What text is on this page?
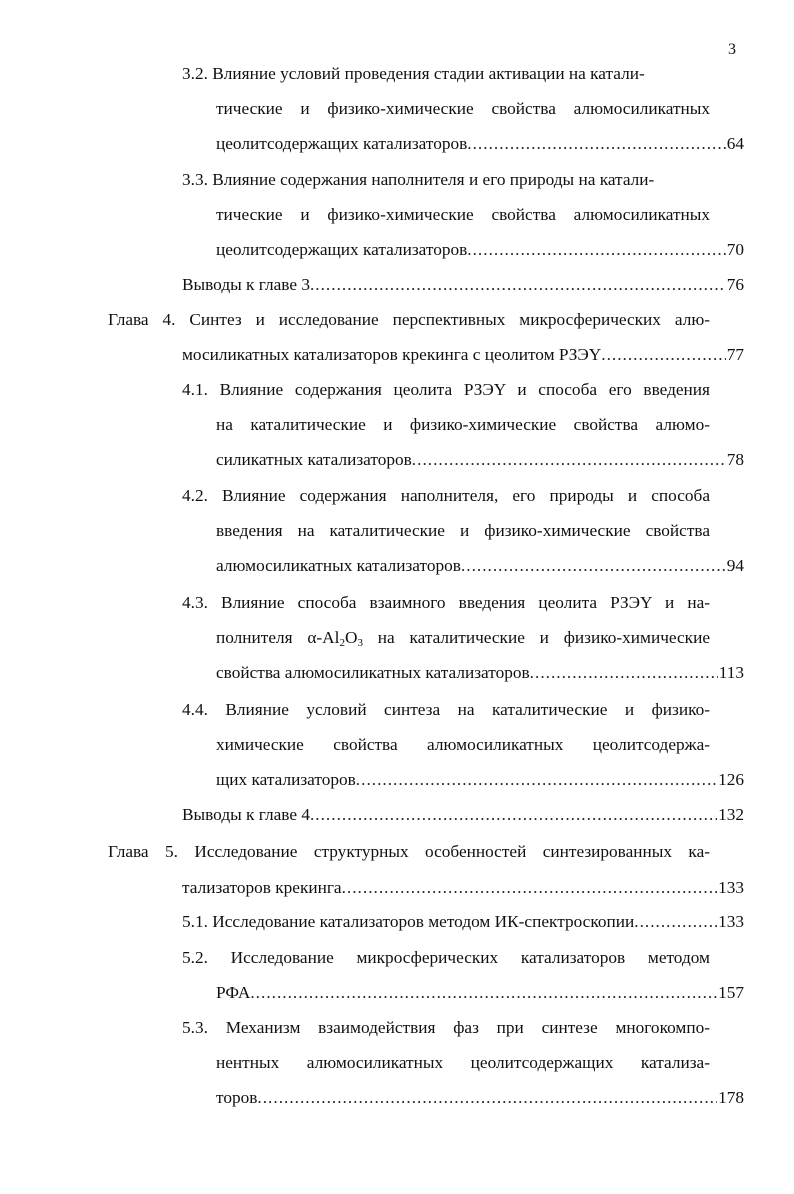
3
3.2. Влияние условий проведения стадии активации на катали-
тические и физико-химические свойства алюмосиликатных
цеолитсодержащих катализаторов .....	64
3.3. Влияние содержания наполнителя и его природы на катали-
тические и физико-химические свойства алюмосиликатных
цеолитсодержащих катализаторов .....	70
Выводы к главе 3 .....	76
Глава 4. Синтез и исследование перспективных микросферических алю-
мосиликатных катализаторов крекинга с цеолитом РЗЭY .....	77
4.1. Влияние содержания цеолита РЗЭY и способа его введения
на каталитические и физико-химические свойства алюмо-
силикатных катализаторов .....	78
4.2. Влияние содержания наполнителя, его природы и способа
введения на каталитические и физико-химические свойства
алюмосиликатных катализаторов .....	94
4.3. Влияние способа взаимного введения цеолита РЗЭY и на-
полнителя $\alpha-Al_2O_3$ на каталитические и физико-химические
свойства алюмосиликатных катализаторов .....	113
4.4. Влияние условий синтеза на каталитические и физико-
химические свойства алюмосиликатных цеолитсодержа-
щих катализаторов .....	126
Выводы к главе 4 .....	132
Глава 5. Исследование структурных особенностей синтезированных ка-
тализаторов крекинга .....	133
5.1. Исследование катализаторов методом ИК-спектроскопии .....	133
5.2. Исследование микросферических катализаторов методом
РФА .....	157
5.3. Механизм взаимодействия фаз при синтезе многокомпо-
нентных алюмосиликатных цеолитсодержащих катализа-
торов .....	178
